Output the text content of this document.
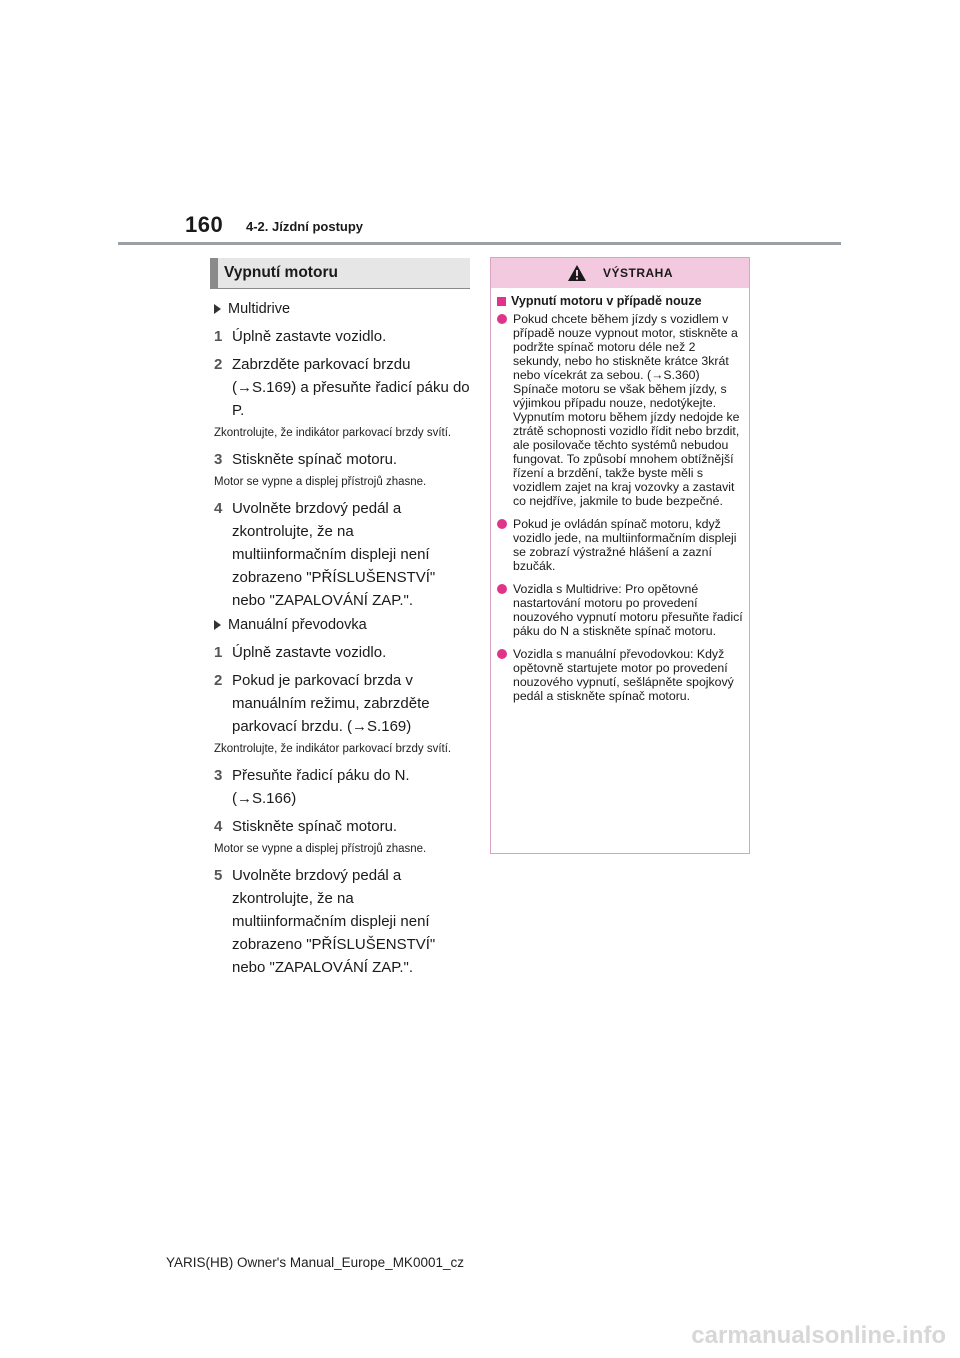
160 4-2. Jízdní postupy
Vypnutí motoru
Multidrive
1 Úplně zastavte vozidlo.
2 Zabrzděte parkovací brzdu (→S.169) a přesuňte řadicí páku do P.
Zkontrolujte, že indikátor parkovací brzdy svítí.
3 Stiskněte spínač motoru.
Motor se vypne a displej přístrojů zhasne.
4 Uvolněte brzdový pedál a zkontrolujte, že na multiinformačním displeji není zobrazeno "PŘÍSLUŠENSTVÍ" nebo "ZAPALOVÁNÍ ZAP.".
Manuální převodovka
1 Úplně zastavte vozidlo.
2 Pokud je parkovací brzda v manuálním režimu, zabrzděte parkovací brzdu. (→S.169)
Zkontrolujte, že indikátor parkovací brzdy svítí.
3 Přesuňte řadicí páku do N. (→S.166)
4 Stiskněte spínač motoru.
Motor se vypne a displej přístrojů zhasne.
5 Uvolněte brzdový pedál a zkontrolujte, že na multiinformačním displeji není zobrazeno "PŘÍSLUŠENSTVÍ" nebo "ZAPALOVÁNÍ ZAP.".
VÝSTRAHA
Vypnutí motoru v případě nouze
Pokud chcete během jízdy s vozidlem v případě nouze vypnout motor, stiskněte a podržte spínač motoru déle než 2 sekundy, nebo ho stiskněte krátce 3krát nebo vícekrát za sebou. (→S.360)
Spínače motoru se však během jízdy, s výjimkou případu nouze, nedotýkejte. Vypnutím motoru během jízdy nedojde ke ztrátě schopnosti vozidlo řídit nebo brzdit, ale posilovače těchto systémů nebudou fungovat. To způsobí mnohem obtížnější řízení a brzdění, takže byste měli s vozidlem zajet na kraj vozovky a zastavit co nejdříve, jakmile to bude bezpečné.
Pokud je ovládán spínač motoru, když vozidlo jede, na multiinformačním displeji se zobrazí výstražné hlášení a zazní bzučák.
Vozidla s Multidrive: Pro opětovné nastartování motoru po provedení nouzového vypnutí motoru přesuňte řadicí páku do N a stiskněte spínač motoru.
Vozidla s manuální převodovkou: Když opětovně startujete motor po provedení nouzového vypnutí, sešlápněte spojkový pedál a stiskněte spínač motoru.
YARIS(HB) Owner's Manual_Europe_MK0001_cz
carmanualsonline.info
